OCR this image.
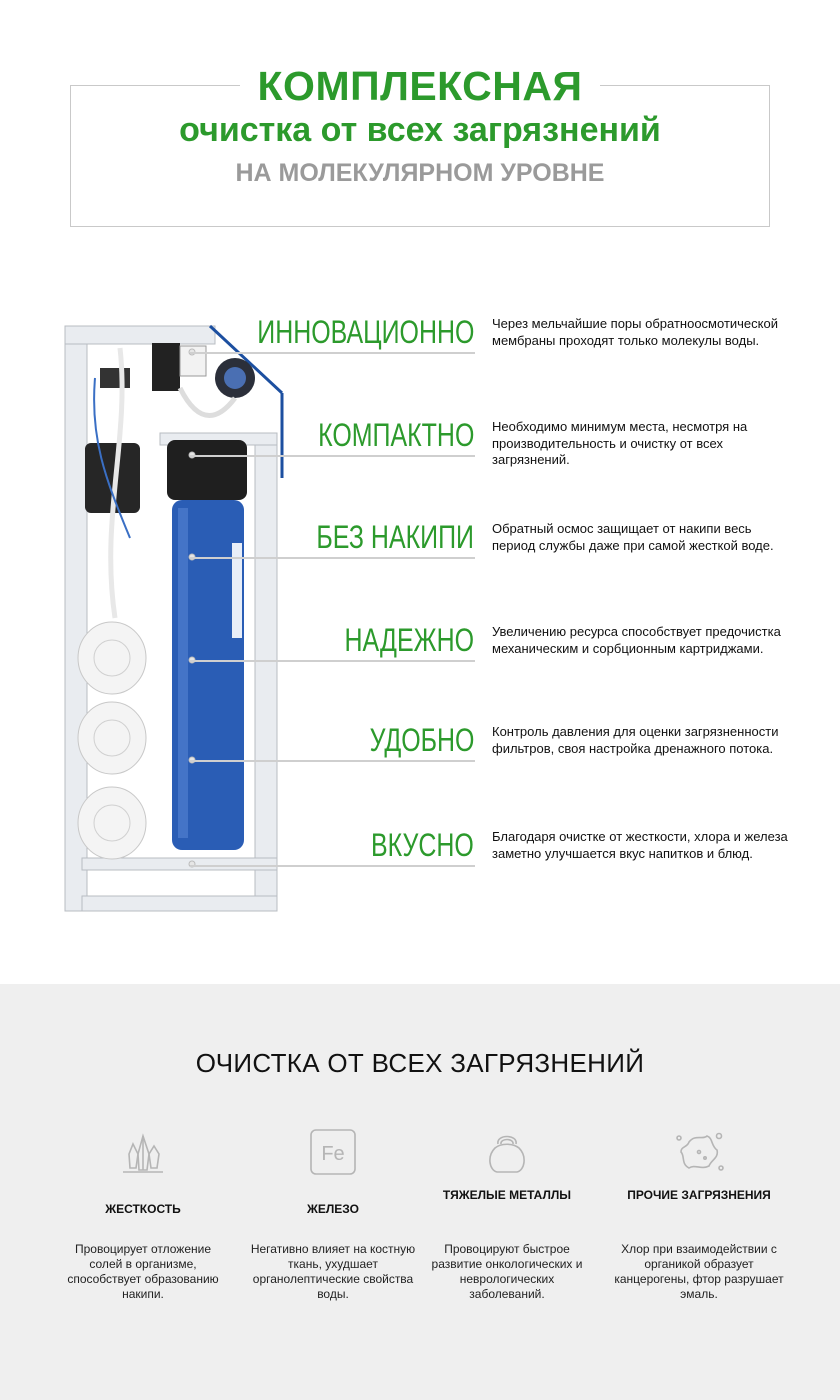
КОМПЛЕКСНАЯ
очистка от всех загрязнений
НА МОЛЕКУЛЯРНОМ УРОВНЕ
ИННОВАЦИОННО Через мельчайшие поры обратноосмотической мембраны проходят только молекулы воды.
КОМПАКТНО Необходимо минимум места, несмотря на производительность и очистку от всех загрязнений.
БЕЗ НАКИПИ Обратный осмос защищает от накипи весь период службы даже при самой жесткой воде.
НАДЕЖНО Увеличению ресурса способствует предочистка механическим и сорбционным картриджами.
УДОБНО Контроль давления для оценки загрязненности фильтров, своя настройка дренажного потока.
ВКУСНО Благодаря очистке от жесткости, хлора и железа заметно улучшается вкус напитков и блюд.
ОЧИСТКА ОТ ВСЕХ ЗАГРЯЗНЕНИЙ
ЖЕСТКОСТЬ
Провоцирует отложение солей в организме, способствует образованию накипи.
Fe
ЖЕЛЕЗО
Негативно влияет на костную ткань, ухудшает органолептические свойства воды.
ТЯЖЕЛЫЕ МЕТАЛЛЫ
Провоцируют быстрое развитие онкологических и неврологических заболеваний.
ПРОЧИЕ ЗАГРЯЗНЕНИЯ
Хлор при взаимодействии с органикой образует канцерогены, фтор разрушает эмаль.
